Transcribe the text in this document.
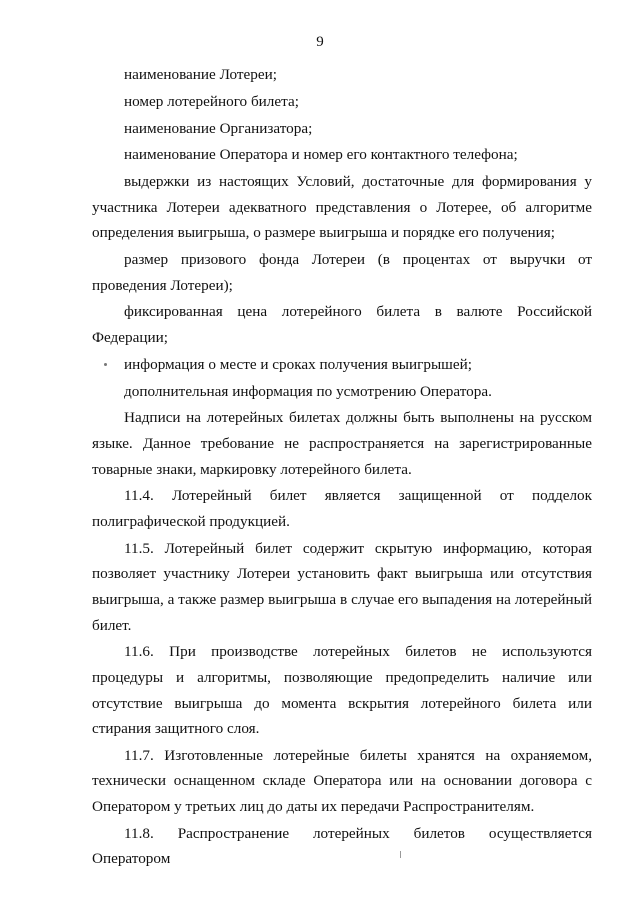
9

наименование Лотереи;

номер лотерейного билета;

наименование Организатора;

наименование Оператора и номер его контактного телефона;

выдержки из настоящих Условий, достаточные для формирования у участника Лотереи адекватного представления о Лотерее, об алгоритме определения выигрыша, о размере выигрыша и порядке его получения;

размер призового фонда Лотереи (в процентах от выручки от проведения Лотереи);

фиксированная цена лотерейного билета в валюте Российской Федерации;

информация о месте и сроках получения выигрышей;

дополнительная информация по усмотрению Оператора.

Надписи на лотерейных билетах должны быть выполнены на русском языке. Данное требование не распространяется на зарегистрированные товарные знаки, маркировку лотерейного билета.

11.4. Лотерейный билет является защищенной от подделок полиграфической продукцией.

11.5. Лотерейный билет содержит скрытую информацию, которая позволяет участнику Лотереи установить факт выигрыша или отсутствия выигрыша, а также размер выигрыша в случае его выпадения на лотерейный билет.

11.6. При производстве лотерейных билетов не используются процедуры и алгоритмы, позволяющие предопределить наличие или отсутствие выигрыша до момента вскрытия лотерейного билета или стирания защитного слоя.

11.7. Изготовленные лотерейные билеты хранятся на охраняемом, технически оснащенном складе Оператора или на основании договора с Оператором у третьих лиц до даты их передачи Распространителям.

11.8. Распространение лотерейных билетов осуществляется Оператором
